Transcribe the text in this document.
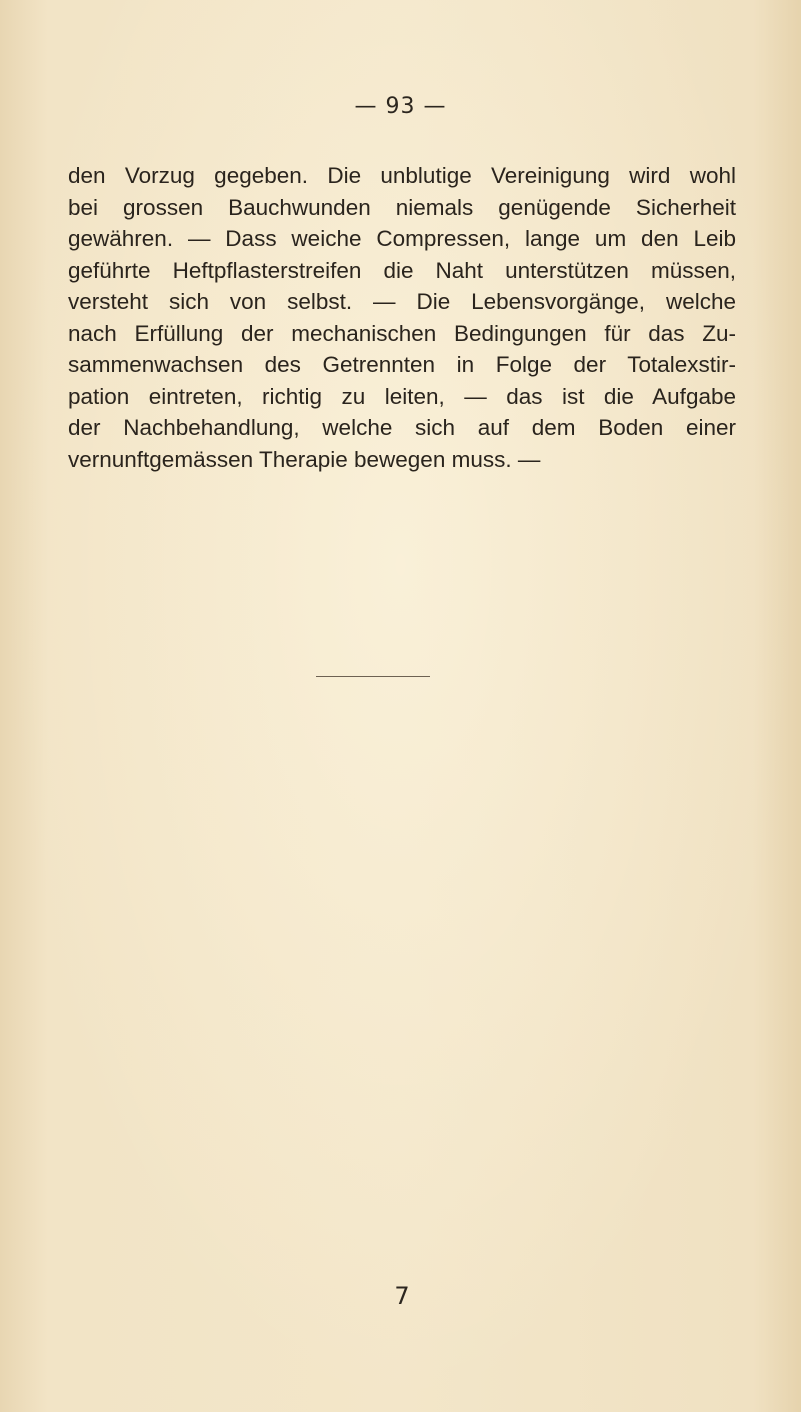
— 93 —
den Vorzug gegeben. Die unblutige Vereinigung wird wohl
bei grossen Bauchwunden niemals genügende Sicherheit
gewähren. — Dass weiche Compressen, lange um den Leib
geführte Heftpflasterstreifen die Naht unterstützen müssen,
versteht sich von selbst. — Die Lebensvorgänge, welche
nach Erfüllung der mechanischen Bedingungen für das Zu-
sammenwachsen des Getrennten in Folge der Totalexstir-
pation eintreten, richtig zu leiten, — das ist die Aufgabe
der Nachbehandlung, welche sich auf dem Boden einer
vernunftgemässen Therapie bewegen muss. —
7
